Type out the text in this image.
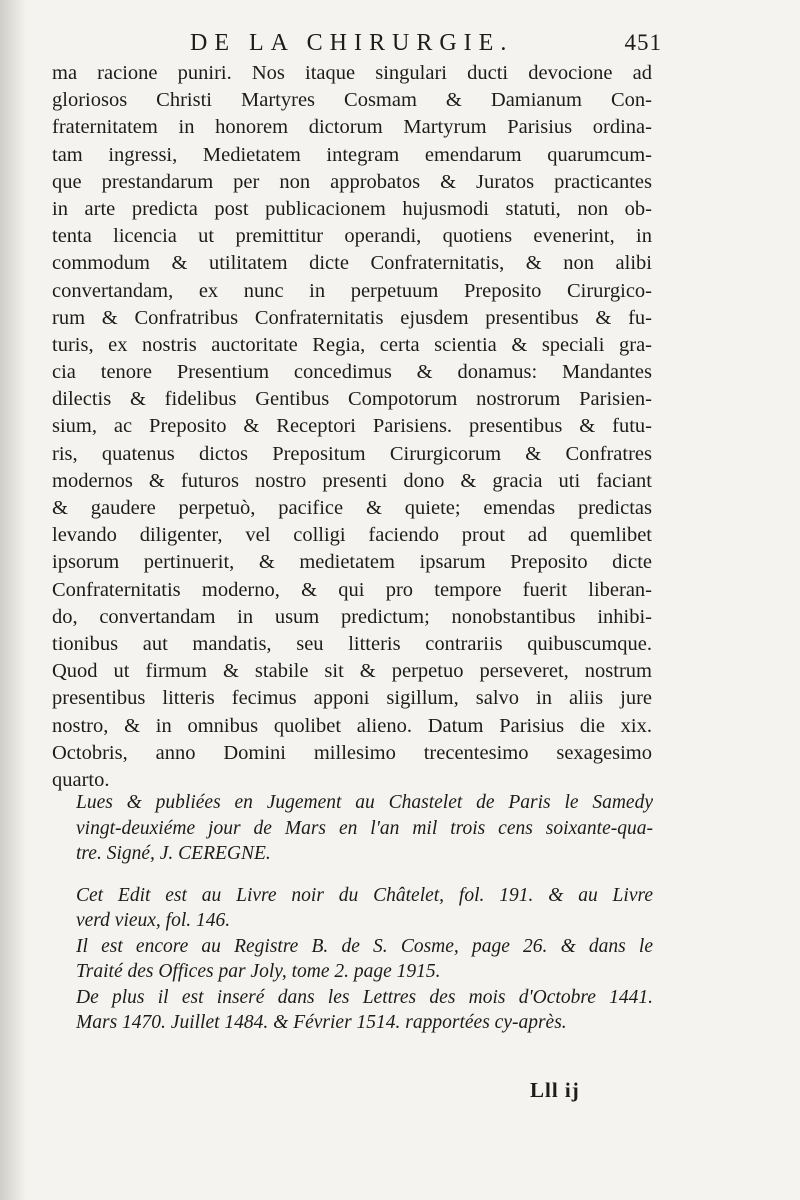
DE LA CHIRURGIE.	451
ma racione puniri. Nos itaque singulari ducti devocione ad
gloriosos Christi Martyres Cosmam & Damianum Con-
fraternitatem in honorem dictorum Martyrum Parisius ordina-
tam ingressi, Medietatem integram emendarum quarumcum-
que prestandarum per non approbatos & Juratos practicantes
in arte predicta post publicacionem hujusmodi statuti, non ob-
tenta licencia ut premittitur operandi, quotiens evenerint, in
commodum & utilitatem dicte Confraternitatis, & non alibi
convertandam, ex nunc in perpetuum Preposito Cirurgico-
rum & Confratribus Confraternitatis ejusdem presentibus & fu-
turis, ex nostris auctoritate Regia, certa scientia & speciali gra-
cia tenore Presentium concedimus & donamus: Mandantes
dilectis & fidelibus Gentibus Compotorum nostrorum Parisien-
sium, ac Preposito & Receptori Parisiens. presentibus & futu-
ris, quatenus dictos Prepositum Cirurgicorum & Confratres
modernos & futuros nostro presenti dono & gracia uti faciant
& gaudere perpetuò, pacifice & quiete; emendas predictas
levando diligenter, vel colligi faciendo prout ad quemlibet
ipsorum pertinuerit, & medietatem ipsarum Preposito dicte
Confraternitatis moderno, & qui pro tempore fuerit liberan-
do, convertandam in usum predictum; nonobstantibus inhibi-
tionibus aut mandatis, seu litteris contrariis quibuscumque.
Quod ut firmum & stabile sit & perpetuo perseveret, nostrum
presentibus litteris fecimus apponi sigillum, salvo in aliis jure
nostro, & in omnibus quolibet alieno. Datum Parisius die xix.
Octobris, anno Domini millesimo trecentesimo sexagesimo
quarto.
Lues & publiées en Jugement au Chastelet de Paris le Samedy
vingt-deuxiéme jour de Mars en l'an mil trois cens soixante-qua-
tre. Signé, J. CEREGNE.
Cet Edit est au Livre noir du Châtelet, fol. 191. & au Livre
verd vieux, fol. 146.
Il est encore au Registre B. de S. Cosme, page 26. & dans le
Traité des Offices par Joly, tome 2. page 1915.
De plus il est inseré dans les Lettres des mois d'Octobre 1441.
Mars 1470. Juillet 1484. & Février 1514. rapportées cy-après.
Lll ij
